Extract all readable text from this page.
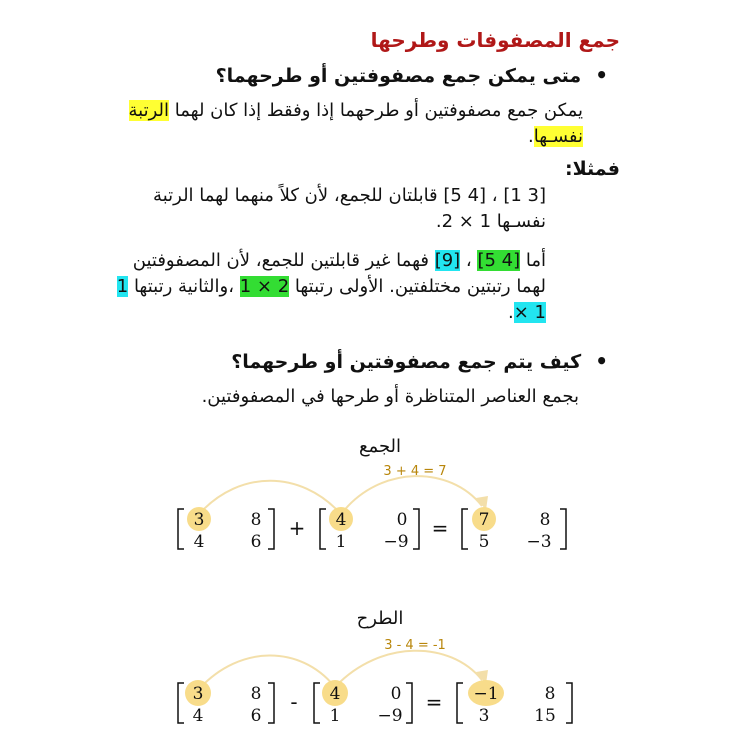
جمع المصفوفات وطرحها
• متى يمكن جمع مصفوفتين أو طرحهما؟
يمكن جمع مصفوفتين أو طرحهما إذا وفقط إذا كان لهما الرتبة نفسـها.
فمثلا:
[5 4] ، [1 3] قابلتان للجمع، لأن كلاً منهما لهما الرتبة نفسـها 1 × 2.
أما [5 4] ، [9] فهما غير قابلتين للجمع، لأن المصفوفتين لهما رتبتين مختلفتين. الأولى رتبتها 1 × 2 ،والثانية رتبتها 1 × 1.
• كيف يتم جمع مصفوفتين أو طرحهما؟
بجمع العناصر المتناظرة أو طرحها في المصفوفتين.
الجمع
3 + 4 = 7
3	8
4	6
4	0
1 −9
7	8
5 −3
+	=
الطرح
3 - 4 = -1
3	8
4	6
4	0
1 −9
−1	8
3	15
-	=
